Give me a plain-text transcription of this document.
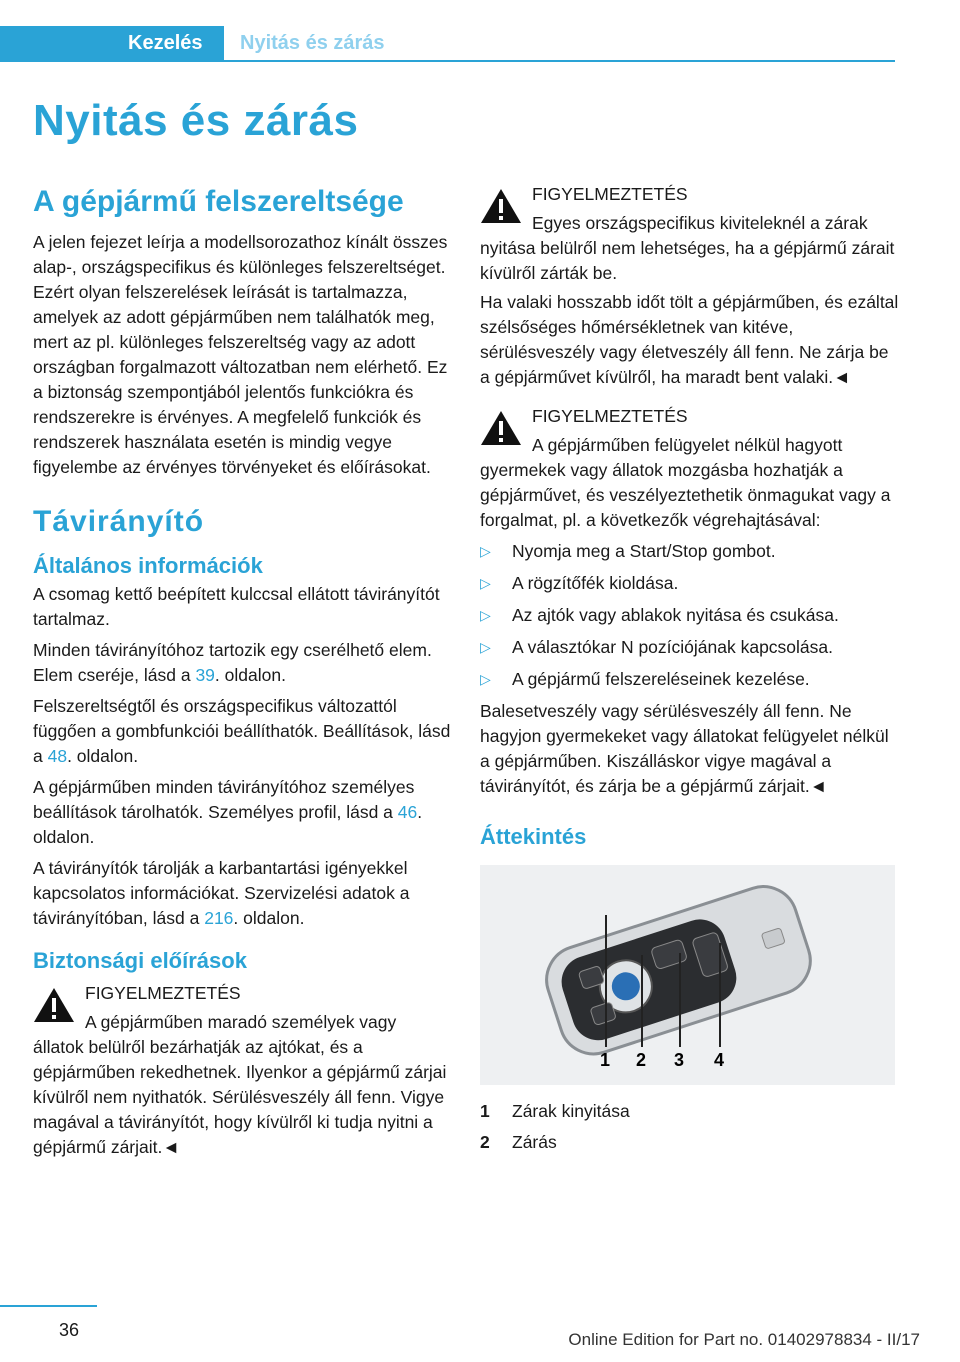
Kezelés	Nyitás és zárás
Nyitás és zárás
A gépjármű felszereltsége

A jelen fejezet leírja a modellsorozathoz kínált összes alap-, országspecifikus és különleges felszereltséget. Ezért olyan felszerelések leírását is tartalmazza, amelyek az adott gépjárműben nem találhatók meg, mert az pl. különleges felszereltség vagy az adott országban forgalmazott változatban nem elérhető. Ez a biztonság szempontjából jelentős funkciókra és rendszerekre is érvényes. A megfelelő funkciók és rendszerek használata esetén is mindig vegye figyelembe az érvényes törvényeket és előírásokat.

Távirányító
Általános információk

A csomag kettő beépített kulccsal ellátott távirányítót tartalmaz.

Minden távirányítóhoz tartozik egy cserélhető elem. Elem cseréje, lásd a 39. oldalon.

Felszereltségtől és országspecifikus változattól függően a gombfunkciói beállíthatók. Beállítások, lásd a 48. oldalon.

A gépjárműben minden távirányítóhoz személyes beállítások tárolhatók. Személyes profil, lásd a 46. oldalon.

A távirányítók tárolják a karbantartási igényekkel kapcsolatos információkat. Szervizelési adatok a távirányítóban, lásd a 216. oldalon.

Biztonsági előírások

FIGYELMEZTETÉS

A gépjárműben maradó személyek vagy állatok belülről bezárhatják az ajtókat, és a gépjárműben rekedhetnek. Ilyenkor a gépjármű zárjai kívülről nem nyithatók. Sérülésveszély áll fenn. Vigye magával a távirányítót, hogy kívülről ki tudja nyitni a gépjármű zárjait.◄

FIGYELMEZTETÉS

Egyes országspecifikus kiviteleknél a zárak nyitása belülről nem lehetséges, ha a gépjármű zárait kívülről zárták be.

Ha valaki hosszabb időt tölt a gépjárműben, és ezáltal szélsőséges hőmérsékletnek van kitéve, sérülésveszély vagy életveszély áll fenn. Ne zárja be a gépjárművet kívülről, ha maradt bent valaki.◄

FIGYELMEZTETÉS

A gépjárműben felügyelet nélkül hagyott gyermekek vagy állatok mozgásba hozhatják a gépjárművet, és veszélyeztethetik önmagukat vagy a forgalmat, pl. a következők végrehajtásával:

▷ Nyomja meg a Start/Stop gombot.
▷ A rögzítőfék kioldása.
▷ Az ajtók vagy ablakok nyitása és csukása.
▷ A választókar N pozíciójának kapcsolása.
▷ A gépjármű felszereléseinek kezelése.

Balesetveszély vagy sérülésveszély áll fenn. Ne hagyjon gyermekeket vagy állatokat felügyelet nélkül a gépjárműben. Kiszálláskor vigye magával a távirányítót, és zárja be a gépjármű zárjait.◄

Áttekintés
1 2 3 4
1	Zárak kinyitása
2	Zárás
36	Online Edition for Part no. 01402978834 - II/17
